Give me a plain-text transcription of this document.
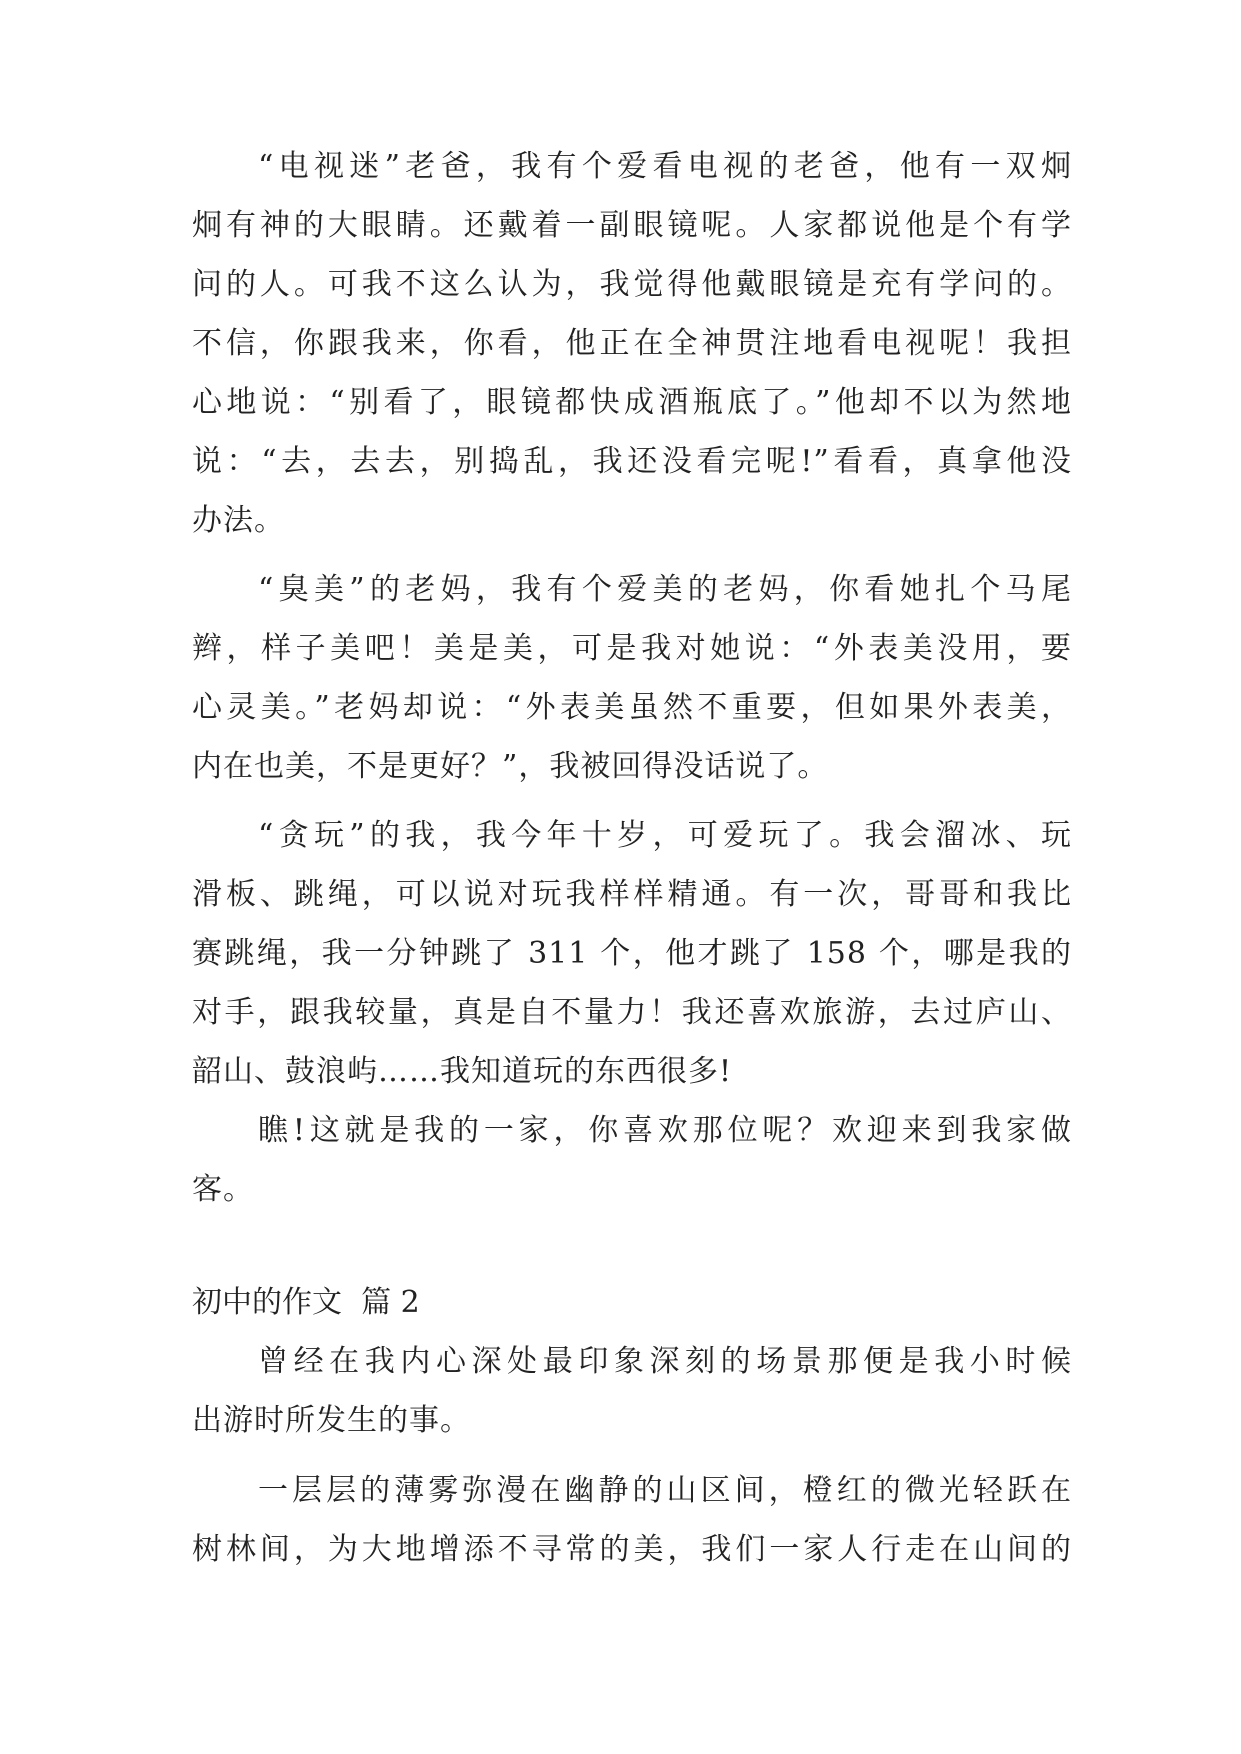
“电视迷”老爸，我有个爱看电视的老爸，他有一双炯
炯有神的大眼睛。还戴着一副眼镜呢。人家都说他是个有学
问的人。可我不这么认为，我觉得他戴眼镜是充有学问的。
不信，你跟我来，你看，他正在全神贯注地看电视呢！我担
心地说：“别看了，眼镜都快成酒瓶底了。”他却不以为然地
说：“去，去去，别捣乱，我还没看完呢!”看看，真拿他没
办法。
“臭美”的老妈，我有个爱美的老妈，你看她扎个马尾
辫，样子美吧！美是美，可是我对她说：“外表美没用，要
心灵美。”老妈却说：“外表美虽然不重要，但如果外表美，
内在也美，不是更好？”，我被回得没话说了。
“贪玩”的我，我今年十岁，可爱玩了。我会溜冰、玩
滑板、跳绳，可以说对玩我样样精通。有一次，哥哥和我比
赛跳绳，我一分钟跳了 311 个，他才跳了 158 个，哪是我的
对手，跟我较量，真是自不量力！我还喜欢旅游，去过庐山、
韶山、鼓浪屿……我知道玩的东西很多!
瞧!这就是我的一家，你喜欢那位呢？欢迎来到我家做
客。
初中的作文  篇 2
曾经在我内心深处最印象深刻的场景那便是我小时候
出游时所发生的事。
一层层的薄雾弥漫在幽静的山区间，橙红的微光轻跃在
树林间，为大地增添不寻常的美，我们一家人行走在山间的
